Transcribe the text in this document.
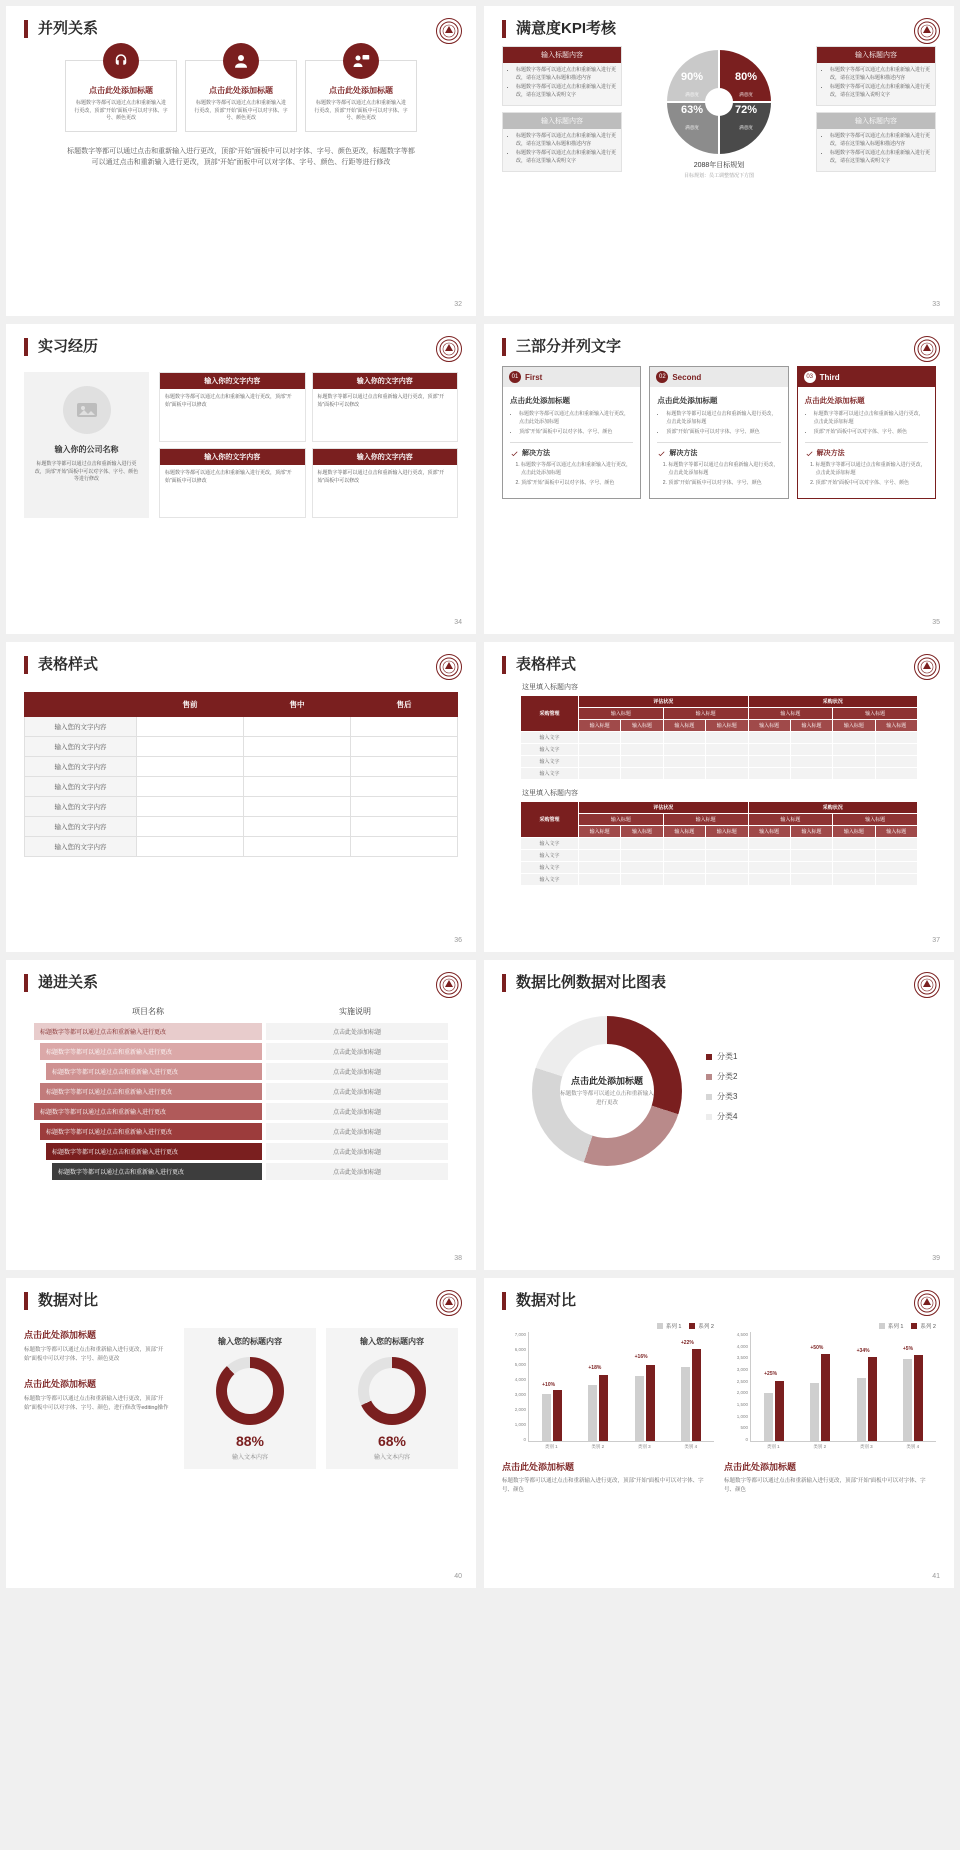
并列关系
点击此处添加标题
标题数字等都可以通过点击和重新输入进行更改，顶部“开始”面板中可以对字体、字号、颜色更改
点击此处添加标题
标题数字等都可以通过点击和重新输入进行更改，顶部“开始”面板中可以对字体、字号、颜色更改
点击此处添加标题
标题数字等都可以通过点击和重新输入进行更改，顶部“开始”面板中可以对字体、字号、颜色更改
标题数字等都可以通过点击和重新输入进行更改，顶部“开始”面板中可以对字体、字号、颜色更改，标题数字等都可以通过点击和重新输入进行更改，顶部“开始”面板中可以对字体、字号、颜色、行距等进行修改
32
满意度KPI考核
输入标题内容
• 标题数字等都可以通过点击和重新输入进行更改，请在这里输入标题和描述内容
• 标题数字等都可以通过点击和重新输入进行更改，请在这里输入说明文字
输入标题内容
• 标题数字等都可以通过点击和重新输入进行更改，请在这里输入标题和描述内容
• 标题数字等都可以通过点击和重新输入进行更改，请在这里输入说明文字
90%
满意度
80%
满意度
63%
满意度
72%
满意度
2088年目标规划
目标规划：员工调整情况下方图
输入标题内容
• 标题数字等都可以通过点击和重新输入进行更改，请在这里输入标题和描述内容
• 标题数字等都可以通过点击和重新输入进行更改，请在这里输入说明文字
输入标题内容
• 标题数字等都可以通过点击和重新输入进行更改，请在这里输入标题和描述内容
• 标题数字等都可以通过点击和重新输入进行更改，请在这里输入说明文字
33
实习经历
输入你的公司名称
标题数字等都可以通过点击和重新输入进行更改，顶部“开始”面板中可以对字体、字号、颜色等进行修改
输入你的文字内容
标题数字等都可以通过点击和重新输入进行更改，顶部“开始”面板中可以修改
输入你的文字内容
标题数字等都可以通过点击和重新输入进行更改，顶部“开始”面板中可以修改
输入你的文字内容
标题数字等都可以通过点击和重新输入进行更改，顶部“开始”面板中可以修改
输入你的文字内容
标题数字等都可以通过点击和重新输入进行更改，顶部“开始”面板中可以修改
34
三部分并列文字
01 First
点击此处添加标题
• 标题数字等都可以通过点击和重新输入进行更改，点击此处添加标题
• 顶部“开始”面板中可以对字体、字号、颜色
解决方法
1. 标题数字等都可以通过点击和重新输入进行更改，点击此处添加标题
2. 顶部“开始”面板中可以对字体、字号、颜色
02 Second
点击此处添加标题
• 标题数字等都可以通过点击和重新输入进行更改，点击此处添加标题
• 顶部“开始”面板中可以对字体、字号、颜色
解决方法
1. 标题数字等都可以通过点击和重新输入进行更改，点击此处添加标题
2. 顶部“开始”面板中可以对字体、字号、颜色
03 Third
点击此处添加标题
• 标题数字等都可以通过点击和重新输入进行更改，点击此处添加标题
• 顶部“开始”面板中可以对字体、字号、颜色
解决方法
1. 标题数字等都可以通过点击和重新输入进行更改，点击此处添加标题
2. 顶部“开始”面板中可以对字体、字号、颜色
35
表格样式
	售前	售中	售后
输入您的文字内容			
输入您的文字内容			
输入您的文字内容			
输入您的文字内容			
输入您的文字内容			
输入您的文字内容			
输入您的文字内容			
36
表格样式
这里填入标题内容
采购管理	评估状况				采购状况			
	输入标题		输入标题		输入标题		输入标题	
	输入标题	输入标题	输入标题	输入标题	输入标题	输入标题	输入标题	输入标题
输入文字								
输入文字								
输入文字								
输入文字								
这里填入标题内容
采购管理	评估状况				采购状况			
	输入标题		输入标题		输入标题		输入标题	
	输入标题	输入标题	输入标题	输入标题	输入标题	输入标题	输入标题	输入标题
输入文字								
输入文字								
输入文字								
输入文字								
37
递进关系
项目名称	实施说明
标题数字等都可以通过点击和重新输入进行更改	点击此处添加标题
标题数字等都可以通过点击和重新输入进行更改	点击此处添加标题
标题数字等都可以通过点击和重新输入进行更改	点击此处添加标题
标题数字等都可以通过点击和重新输入进行更改	点击此处添加标题
标题数字等都可以通过点击和重新输入进行更改	点击此处添加标题
标题数字等都可以通过点击和重新输入进行更改	点击此处添加标题
标题数字等都可以通过点击和重新输入进行更改	点击此处添加标题
标题数字等都可以通过点击和重新输入进行更改	点击此处添加标题
38
数据比例数据对比图表
点击此处添加标题
标题数字等都可以通过点击和重新输入进行更改
分类1
分类2
分类3
分类4
39
数据对比
点击此处添加标题

标题数字等都可以通过点击和重新输入进行更改，顶部“开始”面板中可以对字体、字号、颜色更改

点击此处添加标题

标题数字等都可以通过点击和重新输入进行更改，顶部“开始”面板中可以对字体、字号、颜色，进行修改等editing操作

输入您的标题内容
88%
输入文本内容
输入您的标题内容
68%
输入文本内容
40
数据对比
系列 1	系列 2
7,000
6,000
5,000
4,000
3,000
2,000
1,000
0
+10%
+18%
+16%
+22%
类别 1	类别 2	类别 3	类别 4
点击此处添加标题

标题数字等都可以通过点击和重新输入进行更改，顶部“开始”面板中可以对字体、字号、颜色

系列 1	系列 2
4,500
4,000
3,500
3,000
2,500
2,000
1,500
1,000
500
0
+25%
+50%
+34%	+5%
类别 1	类别 2	类别 3	类别 4
点击此处添加标题

标题数字等都可以通过点击和重新输入进行更改，顶部“开始”面板中可以对字体、字号、颜色

41
